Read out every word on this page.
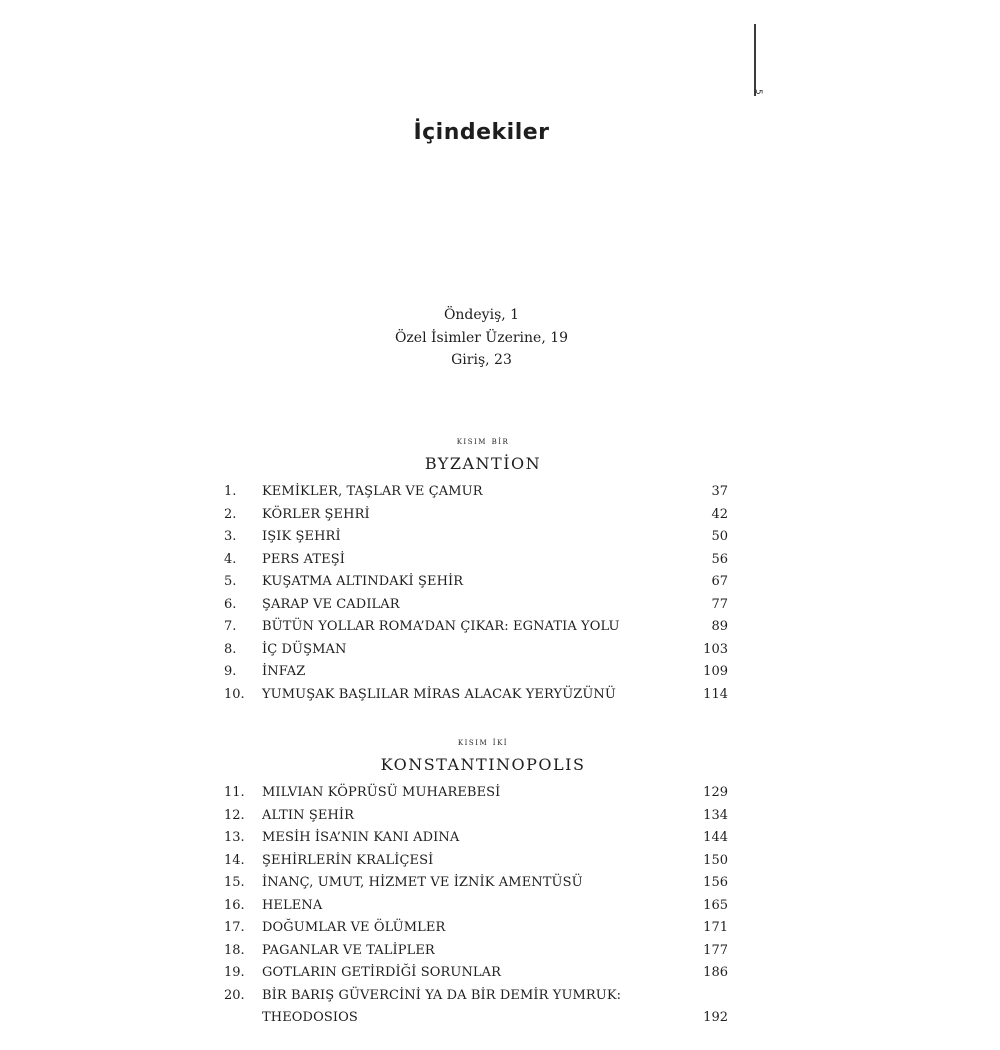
5
İçindekiler
Öndeyiş, 1
Özel İsimler Üzerine, 19
Giriş, 23
kisim bi̇r
BYZANTİON
1. KEMİKLER, TAŞLAR VE ÇAMUR	37
2. KÖRLER ŞEHRİ	42
3. IŞIK ŞEHRİ	50
4. PERS ATEŞİ	56
5. KUŞATMA ALTINDAKİ ŞEHİR	67
6. ŞARAP VE CADILAR	77
7. BÜTÜN YOLLAR ROMA’DAN ÇIKAR: EGNATIA YOLU	89
8. İÇ DÜŞMAN	103
9. İNFAZ	109
10. YUMUŞAK BAŞLILAR MİRAS ALACAK YERYÜZÜNÜ	114
kisim i̇ki̇
KONSTANTINOPOLIS
11. MILVIAN KÖPRÜSÜ MUHAREBESİ	129
12. ALTIN ŞEHİR	134
13. MESİH İSA’NIN KANI ADINA	144
14. ŞEHİRLERİN KRALİÇESİ	150
15. İNANÇ, UMUT, HİZMET VE İZNİK AMENTÜSÜ	156
16. HELENA	165
17. DOĞUMLAR VE ÖLÜMLER	171
18. PAGANLAR VE TALİPLER	177
19. GOTLARIN GETİRDİĞİ SORUNLAR	186
20. BİR BARIŞ GÜVERCİNİ YA DA BİR DEMİR YUMRUK:
THEODOSIOS	192
